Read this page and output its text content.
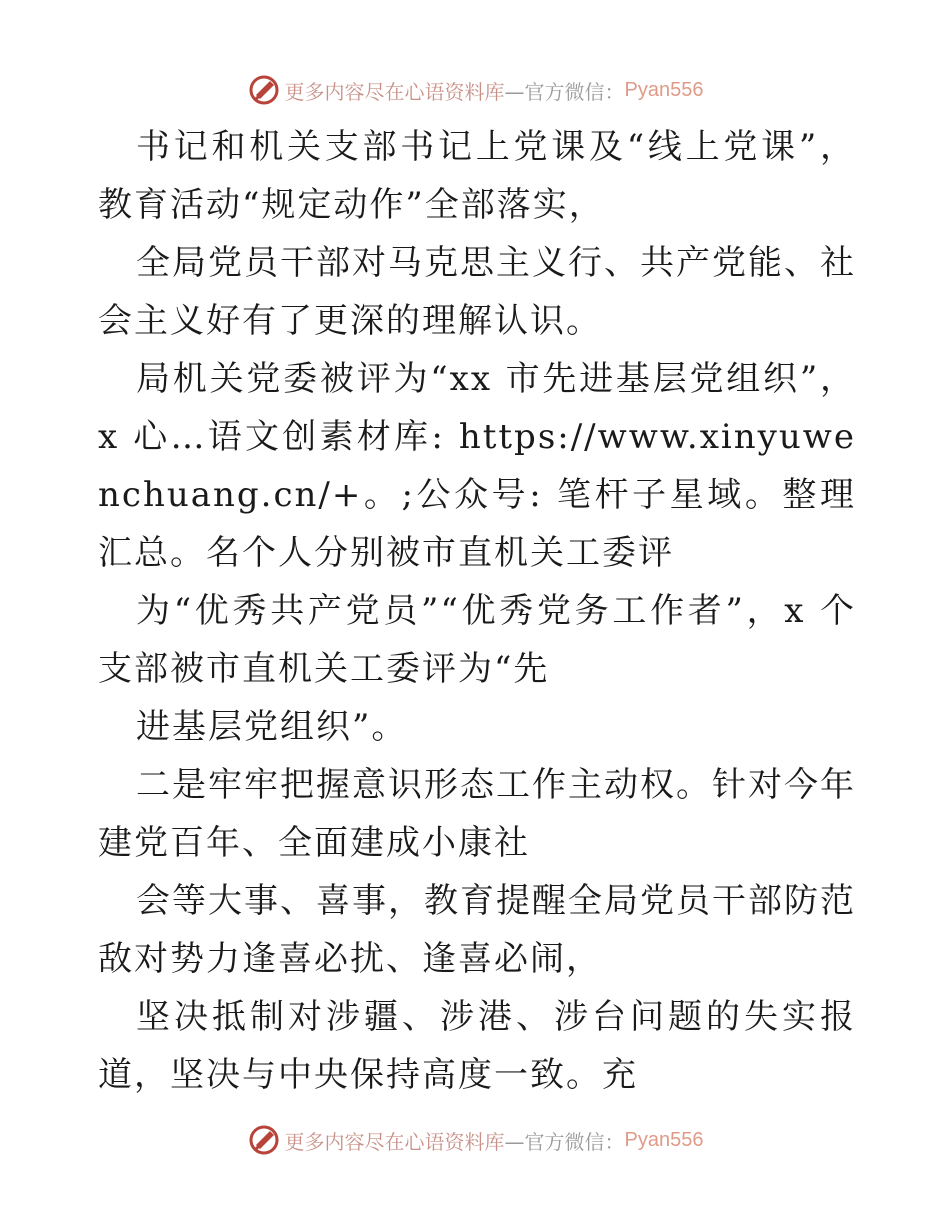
更多内容尽在心语资料库 —官方微信： Pyan556

书记和机关支部书记上党课及“线上党课”，教育活动“规定动作”全部落实，

全局党员干部对马克思主义行、共产党能、社会主义好有了更深的理解认识。

局机关党委被评为“xx 市先进基层党组织”，x 心…语文创素材库: https://www.xinyuwenchuang.cn/+。;公众号: 笔杆子星域。整理汇总。名个人分别被市直机关工委评

为“优秀共产党员”“优秀党务工作者”，x 个支部被市直机关工委评为“先

进基层党组织”。

二是牢牢把握意识形态工作主动权。针对今年建党百年、全面建成小康社

会等大事、喜事，教育提醒全局党员干部防范敌对势力逢喜必扰、逢喜必闹，

坚决抵制对涉疆、涉港、涉台问题的失实报道，坚决与中央保持高度一致。充

更多内容尽在心语资料库 —官方微信： Pyan556
